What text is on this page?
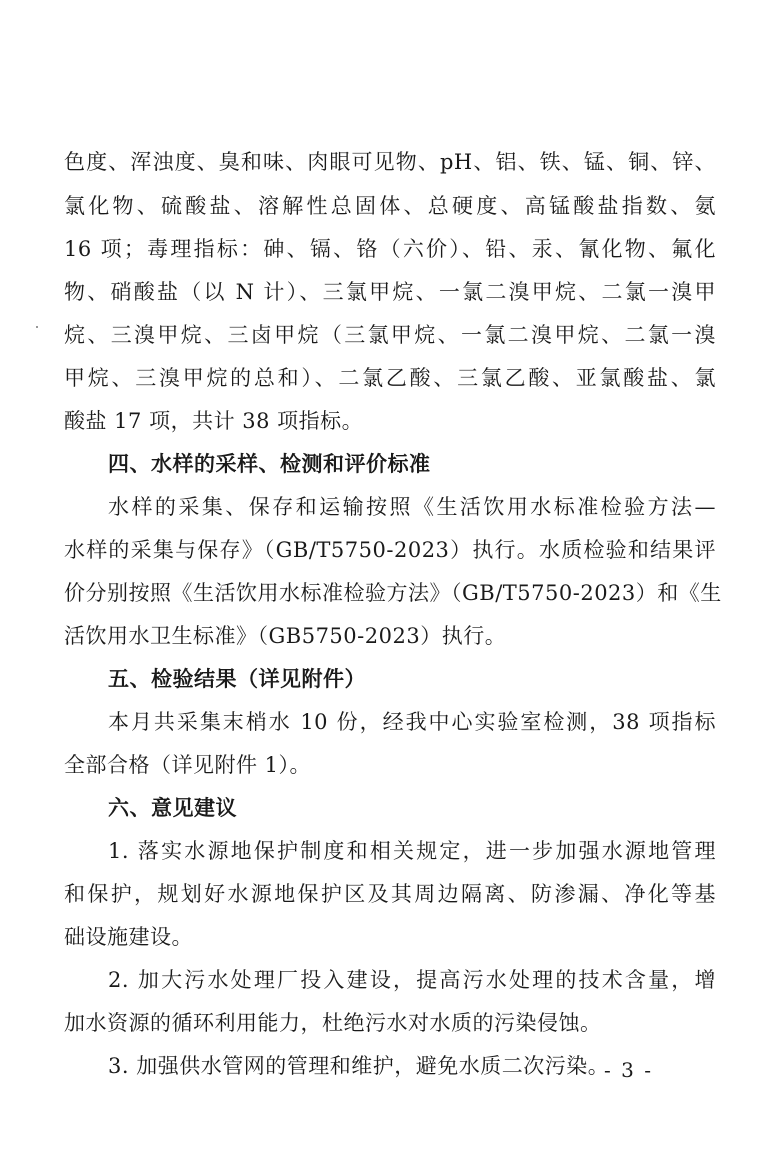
色度、浑浊度、臭和味、肉眼可见物、pH、铝、铁、锰、铜、锌、
氯化物、硫酸盐、溶解性总固体、总硬度、高锰酸盐指数、氨
16 项；毒理指标：砷、镉、铬（六价）、铅、汞、氰化物、氟化
物、硝酸盐（以 N 计）、三氯甲烷、一氯二溴甲烷、二氯一溴甲
烷、三溴甲烷、三卤甲烷（三氯甲烷、一氯二溴甲烷、二氯一溴
甲烷、三溴甲烷的总和）、二氯乙酸、三氯乙酸、亚氯酸盐、氯
酸盐 17 项，共计 38 项指标。
四、水样的采样、检测和评价标准
水样的采集、保存和运输按照《生活饮用水标准检验方法—
水样的采集与保存》（GB/T5750-2023）执行。水质检验和结果评
价分别按照《生活饮用水标准检验方法》（GB/T5750-2023）和《生
活饮用水卫生标准》（GB5750-2023）执行。
五、检验结果（详见附件）
本月共采集末梢水 10 份，经我中心实验室检测，38 项指标
全部合格（详见附件 1）。
六、意见建议
1. 落实水源地保护制度和相关规定，进一步加强水源地管理
和保护，规划好水源地保护区及其周边隔离、防渗漏、净化等基
础设施建设。
2. 加大污水处理厂投入建设，提高污水处理的技术含量，增
加水资源的循环利用能力，杜绝污水对水质的污染侵蚀。
3. 加强供水管网的管理和维护，避免水质二次污染。
- 3 -
